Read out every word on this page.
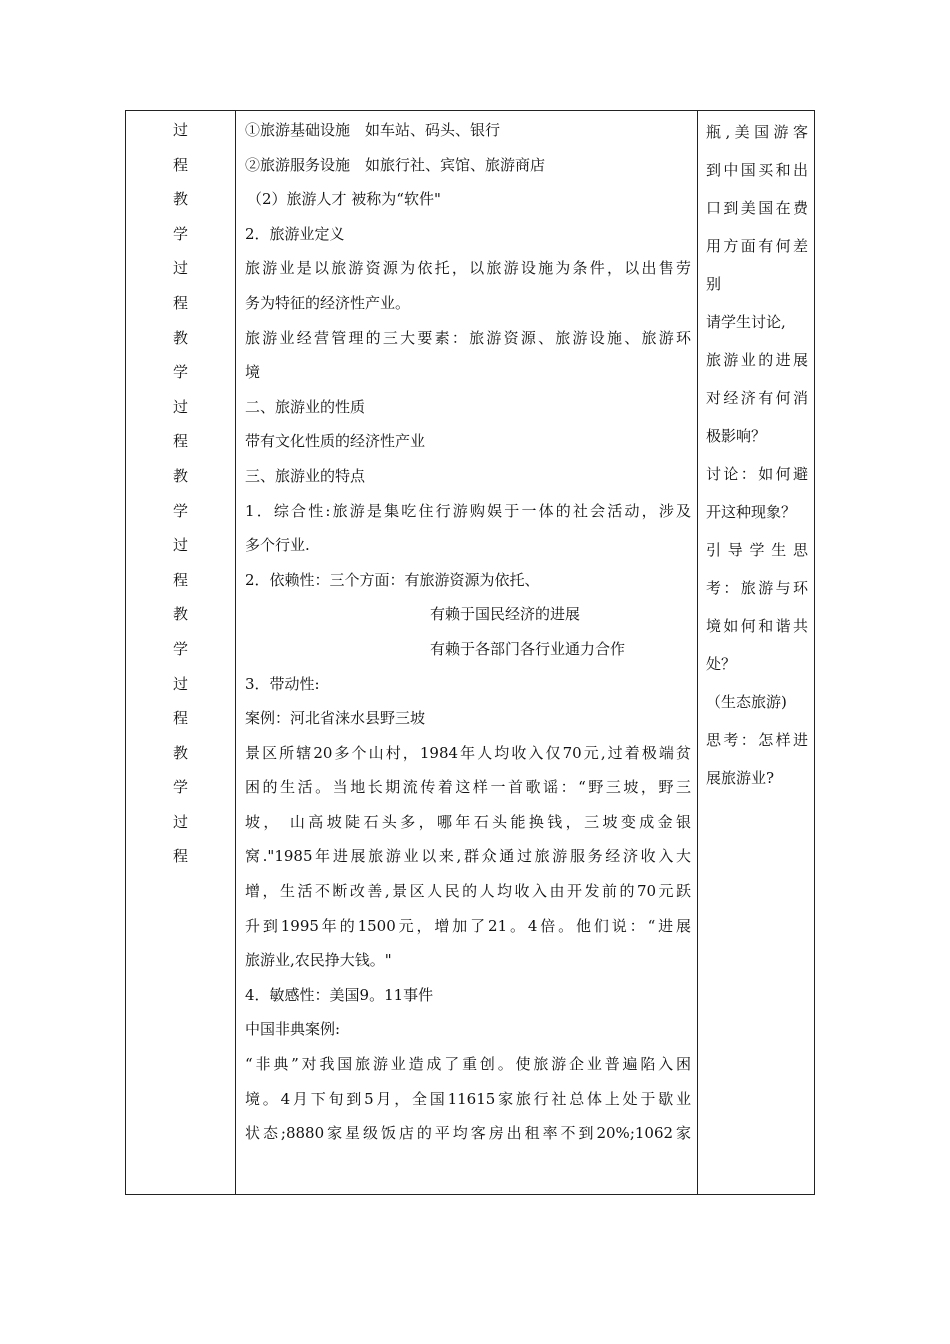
过
程
教
学
过
程
教
学
过
程
教
学
过
程
教
学
过
程
教
学
过
程
①旅游基础设施　如车站、码头、银行
②旅游服务设施　如旅行社、宾馆、旅游商店
（2）旅游人才 被称为“软件"
2．旅游业定义
旅游业是以旅游资源为依托，以旅游设施为条件，以出售劳
务为特征的经济性产业。
旅游业经营管理的三大要素：旅游资源、旅游设施、旅游环
境
二、旅游业的性质
带有文化性质的经济性产业
三、旅游业的特点
1．综合性:旅游是集吃住行游购娱于一体的社会活动，涉及
多个行业.
2．依赖性：三个方面：有旅游资源为依托、
有赖于国民经济的进展
有赖于各部门各行业通力合作
3．带动性:
案例：河北省涞水县野三坡
景区所辖20多个山村，1984年人均收入仅70元,过着极端贫
困的生活。当地长期流传着这样一首歌谣：“野三坡，野三
坡， 山高坡陡石头多，哪年石头能换钱，三坡变成金银
窝."1985年进展旅游业以来,群众通过旅游服务经济收入大
增，生活不断改善,景区人民的人均收入由开发前的70元跃
升到1995年的1500元，增加了21。4倍。他们说：“进展
旅游业,农民挣大钱。"
4．敏感性：美国9。11事件
中国非典案例:
“非典”对我国旅游业造成了重创。使旅游企业普遍陷入困
境。4月下旬到5月，全国11615家旅行社总体上处于歇业
状态;8880家星级饭店的平均客房出租率不到20%;1062家
瓶,美国游客
到中国买和出
口到美国在费
用方面有何差
别
请学生讨论,
旅游业的进展
对经济有何消
极影响？
讨论：如何避
开这种现象？
引导学生思
考：旅游与环
境如何和谐共
处？
（生态旅游)
思考：怎样进
展旅游业?
